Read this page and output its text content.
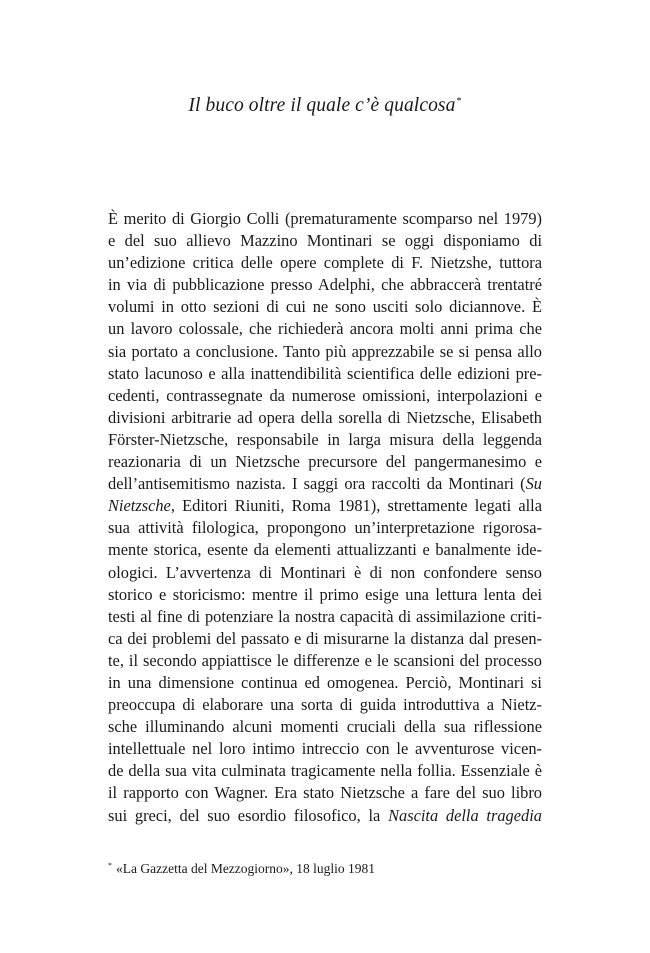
Il buco oltre il quale c’è qualcosa*
È merito di Giorgio Colli (prematuramente scomparso nel 1979)
e del suo allievo Mazzino Montinari se oggi disponiamo di
un’edizione critica delle opere complete di F. Nietzshe, tuttora
in via di pubblicazione presso Adelphi, che abbraccerà trentatré
volumi in otto sezioni di cui ne sono usciti solo diciannove. È
un lavoro colossale, che richiederà ancora molti anni prima che
sia portato a conclusione. Tanto più apprezzabile se si pensa allo
stato lacunoso e alla inattendibilità scientifica delle edizioni pre-
cedenti, contrassegnate da numerose omissioni, interpolazioni e
divisioni arbitrarie ad opera della sorella di Nietzsche, Elisabeth
Förster-Nietzsche, responsabile in larga misura della leggenda
reazionaria di un Nietzsche precursore del pangermanesimo e
dell’antisemitismo nazista. I saggi ora raccolti da Montinari (Su
Nietzsche, Editori Riuniti, Roma 1981), strettamente legati alla
sua attività filologica, propongono un’interpretazione rigorosa-
mente storica, esente da elementi attualizzanti e banalmente ide-
ologici. L’avvertenza di Montinari è di non confondere senso
storico e storicismo: mentre il primo esige una lettura lenta dei
testi al fine di potenziare la nostra capacità di assimilazione criti-
ca dei problemi del passato e di misurarne la distanza dal presen-
te, il secondo appiattisce le differenze e le scansioni del processo
in una dimensione continua ed omogenea. Perciò, Montinari si
preoccupa di elaborare una sorta di guida introduttiva a Nietz-
sche illuminando alcuni momenti cruciali della sua riflessione
intellettuale nel loro intimo intreccio con le avventurose vicen-
de della sua vita culminata tragicamente nella follia. Essenziale è
il rapporto con Wagner. Era stato Nietzsche a fare del suo libro
sui greci, del suo esordio filosofico, la Nascita della tragedia

* «La Gazzetta del Mezzogiorno», 18 luglio 1981
